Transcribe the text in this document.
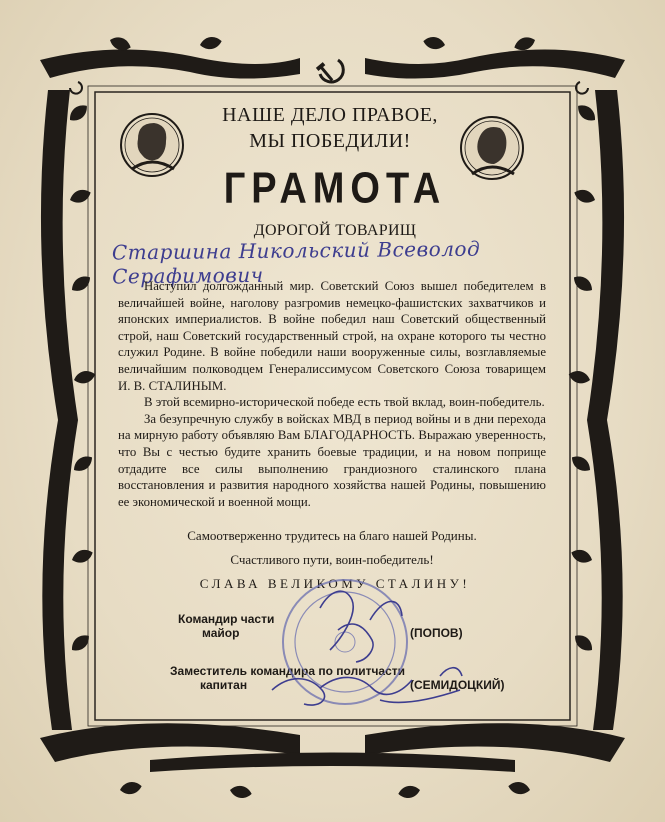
НАШЕ ДЕЛО ПРАВОЕ,
МЫ ПОБЕДИЛИ!
ГРАМОТА
ДОРОГОЙ ТОВАРИЩ
Старшина Никольский Всеволод Серафимович

Наступил долгожданный мир. Советский Союз вышел победителем в величайшей войне, наголову разгромив немецко-фашистских захватчиков и японских империалистов. В войне победил наш Советский общественный строй, наш Советский государственный строй, на охране которого ты честно служил Родине. В войне победили наши вооруженные силы, возглавляемые величайшим полководцем Генералиссимусом Советского Союза товарищем И. В. СТАЛИНЫМ.

В этой всемирно-исторической победе есть твой вклад, воин-победитель.

За безупречную службу в войсках МВД в период войны и в дни перехода на мирную работу объявляю Вам БЛАГОДАРНОСТЬ. Выражаю уверенность, что Вы с честью будите хранить боевые традиции, и на новом поприще отдадите все силы выполнению грандиозного сталинского плана восстановления и развития народного хозяйства нашей Родины, повышению ее экономической и военной мощи.

Самоотверженно трудитесь на благо нашей Родины.
Счастливого пути, воин-победитель!
СЛАВА ВЕЛИКОМУ СТАЛИНУ!
Командир части
майор	(ПОПОВ)
Заместитель командира по политчасти
капитан	(СЕМИДОЦКИЙ)
